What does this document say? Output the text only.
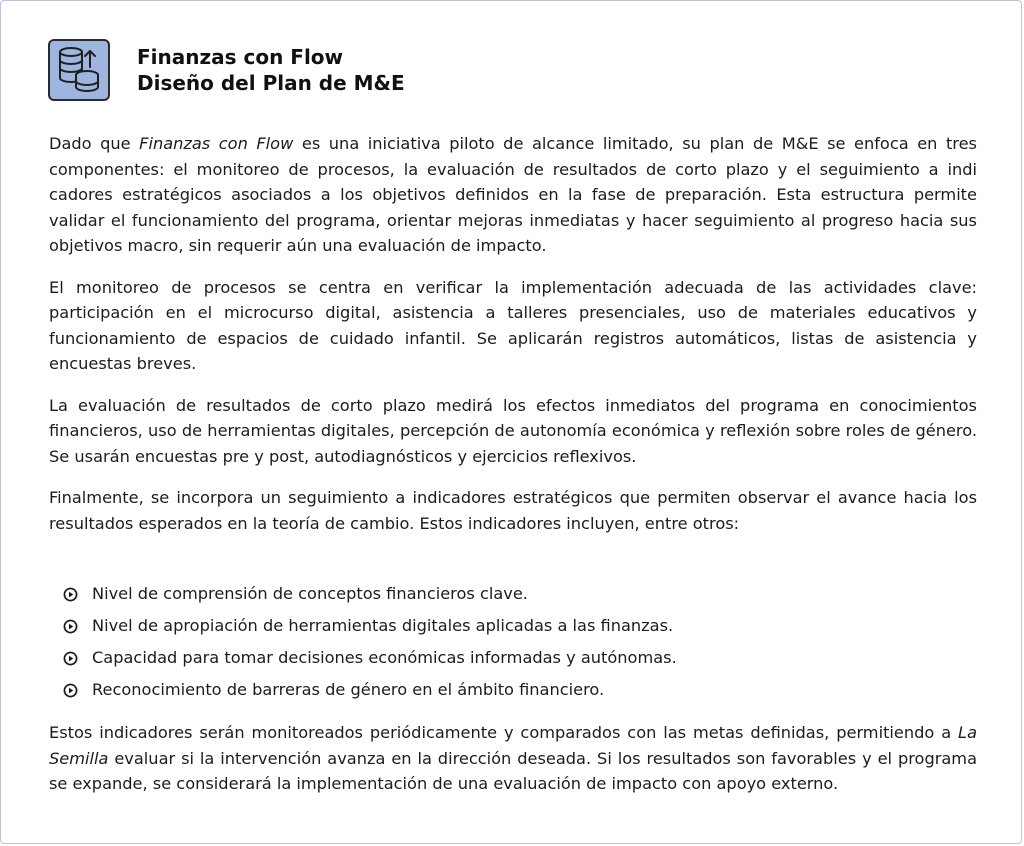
Finanzas con Flow
Diseño del Plan de M&E

Dado que Finanzas con Flow es una iniciativa piloto de alcance limitado, su plan de M&E se enfoca en tres componentes: el monitoreo de procesos, la evaluación de resultados de corto plazo y el seguimiento a indi cadores estratégicos asociados a los objetivos definidos en la fase de preparación. Esta estructura permite validar el funcionamiento del programa, orientar mejoras inmediatas y hacer seguimiento al progreso hacia sus objetivos macro, sin requerir aún una evaluación de impacto.

El monitoreo de procesos se centra en verificar la implementación adecuada de las actividades clave: participación en el microcurso digital, asistencia a talleres presenciales, uso de materiales educativos y funcionamiento de espacios de cuidado infantil. Se aplicarán registros automáticos, listas de asistencia y encuestas breves.

La evaluación de resultados de corto plazo medirá los efectos inmediatos del programa en conocimientos financieros, uso de herramientas digitales, percepción de autonomía económica y reflexión sobre roles de género. Se usarán encuestas pre y post, autodiagnósticos y ejercicios reflexivos.

Finalmente, se incorpora un seguimiento a indicadores estratégicos que permiten observar el avance hacia los resultados esperados en la teoría de cambio. Estos indicadores incluyen, entre otros:

Nivel de comprensión de conceptos financieros clave.
Nivel de apropiación de herramientas digitales aplicadas a las finanzas.
Capacidad para tomar decisiones económicas informadas y autónomas.
Reconocimiento de barreras de género en el ámbito financiero.

Estos indicadores serán monitoreados periódicamente y comparados con las metas definidas, permitiendo a La Semilla evaluar si la intervención avanza en la dirección deseada. Si los resultados son favorables y el programa se expande, se considerará la implementación de una evaluación de impacto con apoyo externo.
